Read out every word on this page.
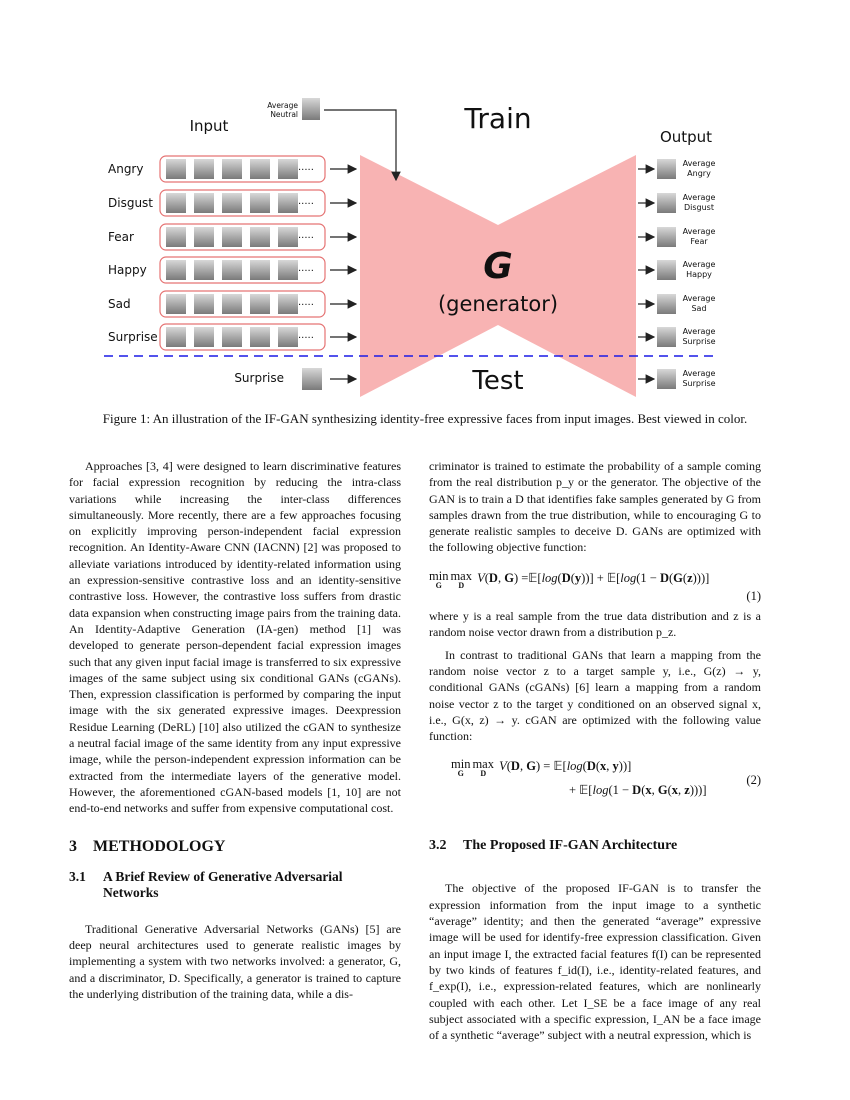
Train
G
(generator)
Test
Input
Output
Average
Neutral
Angry	·····
Average
Angry
Disgust	·····
Average
Disgust
Fear	·····
Average
Fear
Happy	·····
Average
Happy
Sad	·····
Average
Sad
Surprise	·····
Average
Surprise
Surprise	Average
Surprise
Figure 1: An illustration of the IF-GAN synthesizing identity-free expressive faces from input images. Best viewed in color.

Approaches [3, 4] were designed to learn discriminative features for facial expression recognition by reducing the intra-class variations while increasing the inter-class differences simultaneously. More recently, there are a few approaches focusing on explicitly improving person-independent facial expression recognition. An Identity-Aware CNN (IACNN) [2] was proposed to alleviate variations introduced by identity-related information using an expression-sensitive contrastive loss and an identity-sensitive contrastive loss. However, the contrastive loss suffers from drastic data expansion when constructing image pairs from the training data. An Identity-Adaptive Generation (IA-gen) method [1] was developed to generate person-dependent facial expression images such that any given input facial image is transferred to six expressive images of the same subject using six conditional GANs (cGANs). Then, expression classification is performed by comparing the input image with the six generated expressive images. Deexpression Residue Learning (DeRL) [10] also utilized the cGAN to synthesize a neutral facial image of the same identity from any input expressive image, while the person-independent expression information can be extracted from the intermediate layers of the generative model. However, the aforementioned cGAN-based models [1, 10] are not end-to-end networks and suffer from expensive computational cost.

3 METHODOLOGY
3.1	A Brief Review of Generative Adversarial Networks

Traditional Generative Adversarial Networks (GANs) [5] are deep neural architectures used to generate realistic images by implementing a system with two networks involved: a generator, G, and a discriminator, D. Specifically, a generator is trained to capture the underlying distribution of the training data, while a dis-

criminator is trained to estimate the probability of a sample coming from the real distribution p_y or the generator. The objective of the GAN is to train a D that identifies fake samples generated by G from samples drawn from the true distribution, while to encouraging G to generate realistic samples to deceive D. GANs are optimized with the following objective function:

min
G
max
D
V(D, G) =𝔼[log(D(y))] + 𝔼[log(1 − D(G(z)))]
(1)

where y is a real sample from the true data distribution and z is a random noise vector drawn from a distribution p_z.

In contrast to traditional GANs that learn a mapping from the random noise vector z to a target sample y, i.e., G(z) → y, conditional GANs (cGANs) [6] learn a mapping from a random noise vector z to the target y conditioned on an observed signal x, i.e., G(x, z) → y. cGAN are optimized with the following value function:

min
G
max
D
V(D, G) = 𝔼[log(D(x, y))]
+ 𝔼[log(1 − D(x, G(x, z)))]
(2)
3.2	The Proposed IF-GAN Architecture

The objective of the proposed IF-GAN is to transfer the expression information from the input image to a synthetic “average” identity; and then the generated “average” expressive image will be used for identify-free expression classification. Given an input image I, the extracted facial features f(I) can be represented by two kinds of features f_id(I), i.e., identity-related features, and f_exp(I), i.e., expression-related features, which are nonlinearly coupled with each other. Let I_SE be a face image of any real subject associated with a specific expression, I_AN be a face image of a synthetic “average” subject with a neutral expression, which is
